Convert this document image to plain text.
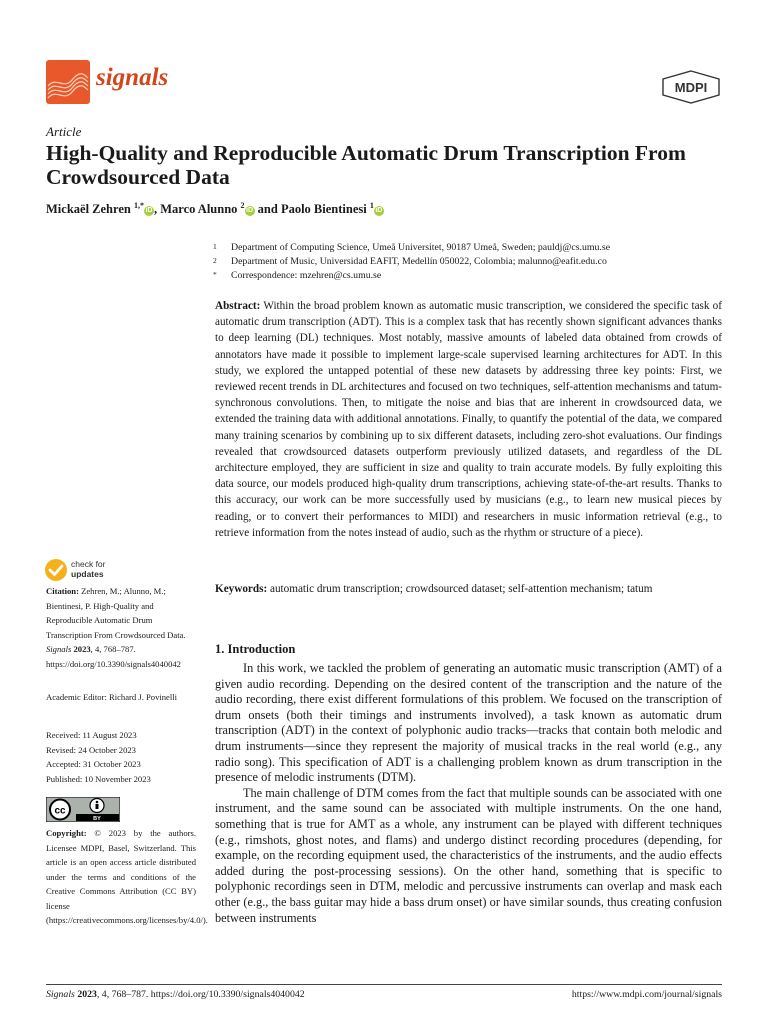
signals	MDPI
Article
High-Quality and Reproducible Automatic Drum Transcription From Crowdsourced Data
Mickaël Zehren $^{1,*}$iD , Marco Alunno $^2$iD and Paolo Bientinesi $^1$iD
1	Department of Computing Science, Umeå Universitet, 90187 Umeå, Sweden; pauldj@cs.umu.se
2	Department of Music, Universidad EAFIT, Medellín 050022, Colombia; malunno@eafit.edu.co
*	Correspondence: mzehren@cs.umu.se
Abstract: Within the broad problem known as automatic music transcription, we considered the specific task of automatic drum transcription (ADT). This is a complex task that has recently shown significant advances thanks to deep learning (DL) techniques. Most notably, massive amounts of labeled data obtained from crowds of annotators have made it possible to implement large-scale supervised learning architectures for ADT. In this study, we explored the untapped potential of these new datasets by addressing three key points: First, we reviewed recent trends in DL architectures and focused on two techniques, self-attention mechanisms and tatum-synchronous convolutions. Then, to mitigate the noise and bias that are inherent in crowdsourced data, we extended the training data with additional annotations. Finally, to quantify the potential of the data, we compared many training scenarios by combining up to six different datasets, including zero-shot evaluations. Our findings revealed that crowdsourced datasets outperform previously utilized datasets, and regardless of the DL architecture employed, they are sufficient in size and quality to train accurate models. By fully exploiting this data source, our models produced high-quality drum transcriptions, achieving state-of-the-art results. Thanks to this accuracy, our work can be more successfully used by musicians (e.g., to learn new musical pieces by reading, or to convert their performances to MIDI) and researchers in music information retrieval (e.g., to retrieve information from the notes instead of audio, such as the rhythm or structure of a piece).
Keywords: automatic drum transcription; crowdsourced dataset; self-attention mechanism; tatum
check for
updates
Citation: Zehren, M.; Alunno, M.; Bientinesi, P. High-Quality and Reproducible Automatic Drum Transcription From Crowdsourced Data. Signals 2023, 4, 768–787. https://doi.org/10.3390/signals4040042
Academic Editor: Richard J. Povinelli
Received: 11 August 2023
Revised: 24 October 2023
Accepted: 31 October 2023
Published: 10 November 2023
cc
BY
Copyright: © 2023 by the authors. Licensee MDPI, Basel, Switzerland. This article is an open access article distributed under the terms and conditions of the Creative Commons Attribution (CC BY) license (https://creativecommons.org/licenses/by/4.0/).
1. Introduction

In this work, we tackled the problem of generating an automatic music transcription (AMT) of a given audio recording. Depending on the desired content of the transcription and the nature of the audio recording, there exist different formulations of this problem. We focused on the transcription of drum onsets (both their timings and instruments involved), a task known as automatic drum transcription (ADT) in the context of polyphonic audio tracks—tracks that contain both melodic and drum instruments—since they represent the majority of musical tracks in the real world (e.g., any radio song). This specification of ADT is a challenging problem known as drum transcription in the presence of melodic instruments (DTM).

The main challenge of DTM comes from the fact that multiple sounds can be associated with one instrument, and the same sound can be associated with multiple instruments. On the one hand, something that is true for AMT as a whole, any instrument can be played with different techniques (e.g., rimshots, ghost notes, and flams) and undergo distinct recording procedures (depending, for example, on the recording equipment used, the characteristics of the instruments, and the audio effects added during the post-processing sessions). On the other hand, something that is specific to polyphonic recordings seen in DTM, melodic and percussive instruments can overlap and mask each other (e.g., the bass guitar may hide a bass drum onset) or have similar sounds, thus creating confusion between instruments

Signals 2023, 4, 768–787. https://doi.org/10.3390/signals4040042	https://www.mdpi.com/journal/signals
